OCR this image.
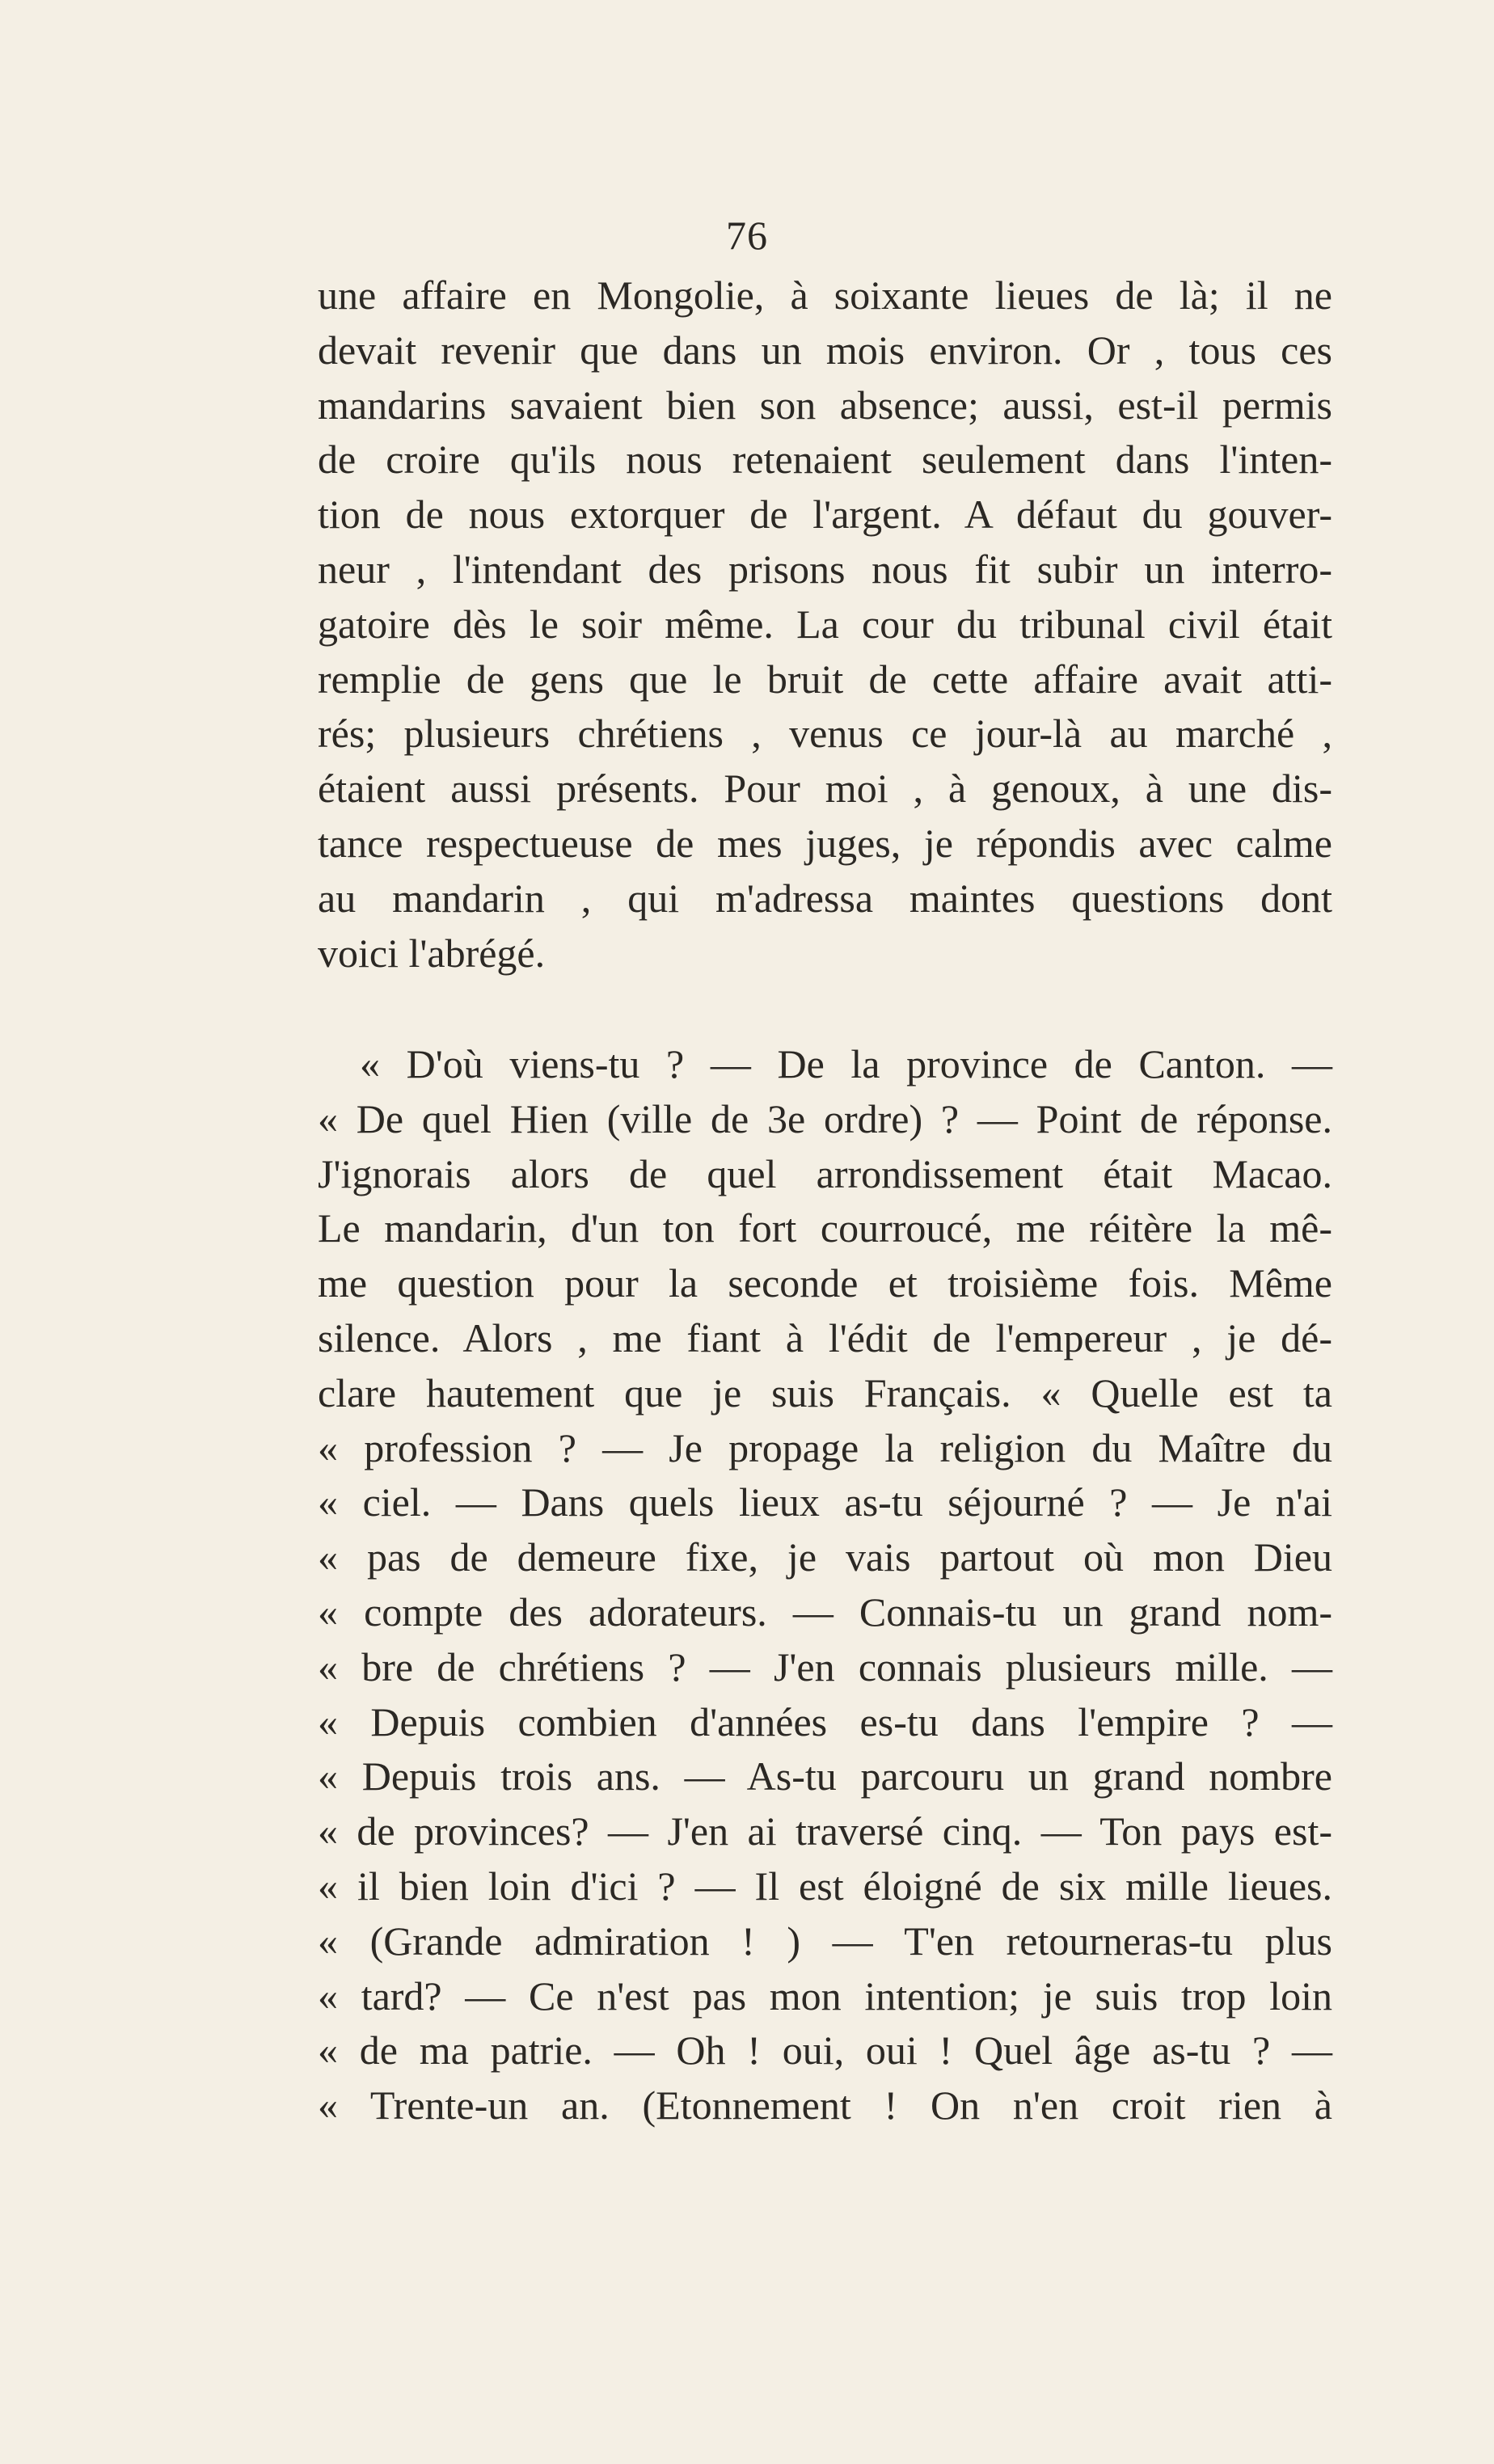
76
une affaire en Mongolie, à soixante lieues de là; il ne
devait revenir que dans un mois environ. Or , tous ces
mandarins savaient bien son absence; aussi, est-il permis
de croire qu'ils nous retenaient seulement dans l'inten-
tion de nous extorquer de l'argent. A défaut du gouver-
neur , l'intendant des prisons nous fit subir un interro-
gatoire dès le soir même. La cour du tribunal civil était
remplie de gens que le bruit de cette affaire avait atti-
rés; plusieurs chrétiens , venus ce jour-là au marché ,
étaient aussi présents. Pour moi , à genoux, à une dis-
tance respectueuse de mes juges, je répondis avec calme
au mandarin , qui m'adressa maintes questions dont
voici l'abrégé.
« D'où viens-tu ? — De la province de Canton. —
« De quel Hien (ville de 3e ordre) ? — Point de réponse.
J'ignorais alors de quel arrondissement était Macao.
Le mandarin, d'un ton fort courroucé, me réitère la mê-
me question pour la seconde et troisième fois. Même
silence. Alors , me fiant à l'édit de l'empereur , je dé-
clare hautement que je suis Français. « Quelle est ta
« profession ? — Je propage la religion du Maître du
« ciel. — Dans quels lieux as-tu séjourné ? — Je n'ai
« pas de demeure fixe, je vais partout où mon Dieu
« compte des adorateurs. — Connais-tu un grand nom-
« bre de chrétiens ? — J'en connais plusieurs mille. —
« Depuis combien d'années es-tu dans l'empire ? —
« Depuis trois ans. — As-tu parcouru un grand nombre
« de provinces? — J'en ai traversé cinq. — Ton pays est-
« il bien loin d'ici ? — Il est éloigné de six mille lieues.
« (Grande admiration ! ) — T'en retourneras-tu plus
« tard? — Ce n'est pas mon intention; je suis trop loin
« de ma patrie. — Oh ! oui, oui ! Quel âge as-tu ? —
« Trente-un an. (Etonnement ! On n'en croit rien à
